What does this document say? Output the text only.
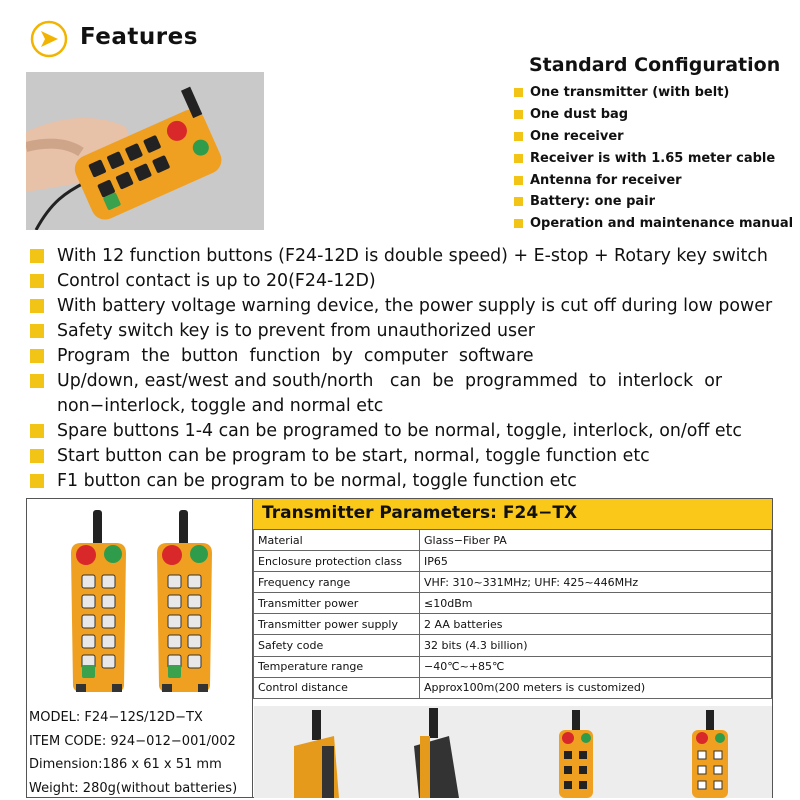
Features
Standard Configuration
One transmitter (with belt)
One dust bag
One receiver
Receiver is with 1.65 meter cable
Antenna for receiver
Battery: one pair
Operation and maintenance manual
With 12 function buttons (F24-12D is double speed) + E-stop + Rotary key switch
Control contact is up to 20(F24-12D)
With battery voltage warning device, the power supply is cut off during low power
Safety switch key is to prevent from unauthorized user
Program  the  button  function  by  computer  software
Up/down, east/west and south/north   can  be  programmed  to  interlock  or
non−interlock, toggle and normal etc
Spare buttons 1-4 can be programed to be normal, toggle, interlock, on/off etc
Start button can be program to be start, normal, toggle function etc
F1 button can be program to be normal, toggle function etc
Transmitter Parameters: F24−TX
Material	Glass−Fiber PA
Enclosure protection class	IP65
Frequency range	VHF: 310~331MHz; UHF: 425~446MHz
Transmitter power	≤10dBm
Transmitter power supply	2 AA batteries
Safety code	32 bits (4.3 billion)
Temperature range	−40℃~+85℃
Control distance	Approx100m(200 meters is customized)
MODEL: F24−12S/12D−TX
ITEM CODE: 924−012−001/002
Dimension:186 x 61 x 51 mm
Weight: 280g(without batteries)
